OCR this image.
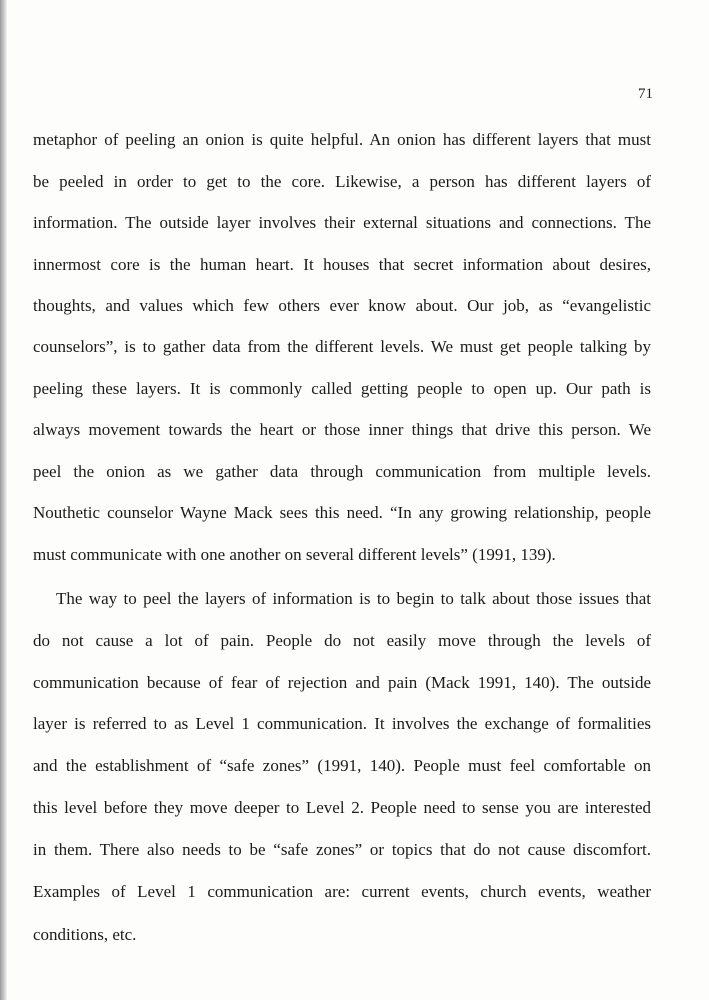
71
metaphor of peeling an onion is quite helpful. An onion has different layers that must
be peeled in order to get to the core. Likewise, a person has different layers of
information. The outside layer involves their external situations and connections. The
innermost core is the human heart. It houses that secret information about desires,
thoughts, and values which few others ever know about. Our job, as “evangelistic
counselors”, is to gather data from the different levels. We must get people talking by
peeling these layers. It is commonly called getting people to open up. Our path is
always movement towards the heart or those inner things that drive this person. We
peel the onion as we gather data through communication from multiple levels.
Nouthetic counselor Wayne Mack sees this need. “In any growing relationship, people
must communicate with one another on several different levels” (1991, 139).
The way to peel the layers of information is to begin to talk about those issues that
do not cause a lot of pain. People do not easily move through the levels of
communication because of fear of rejection and pain (Mack 1991, 140). The outside
layer is referred to as Level 1 communication. It involves the exchange of formalities
and the establishment of “safe zones” (1991, 140). People must feel comfortable on
this level before they move deeper to Level 2. People need to sense you are interested
in them. There also needs to be “safe zones” or topics that do not cause discomfort.
Examples of Level 1 communication are: current events, church events, weather
conditions, etc.
